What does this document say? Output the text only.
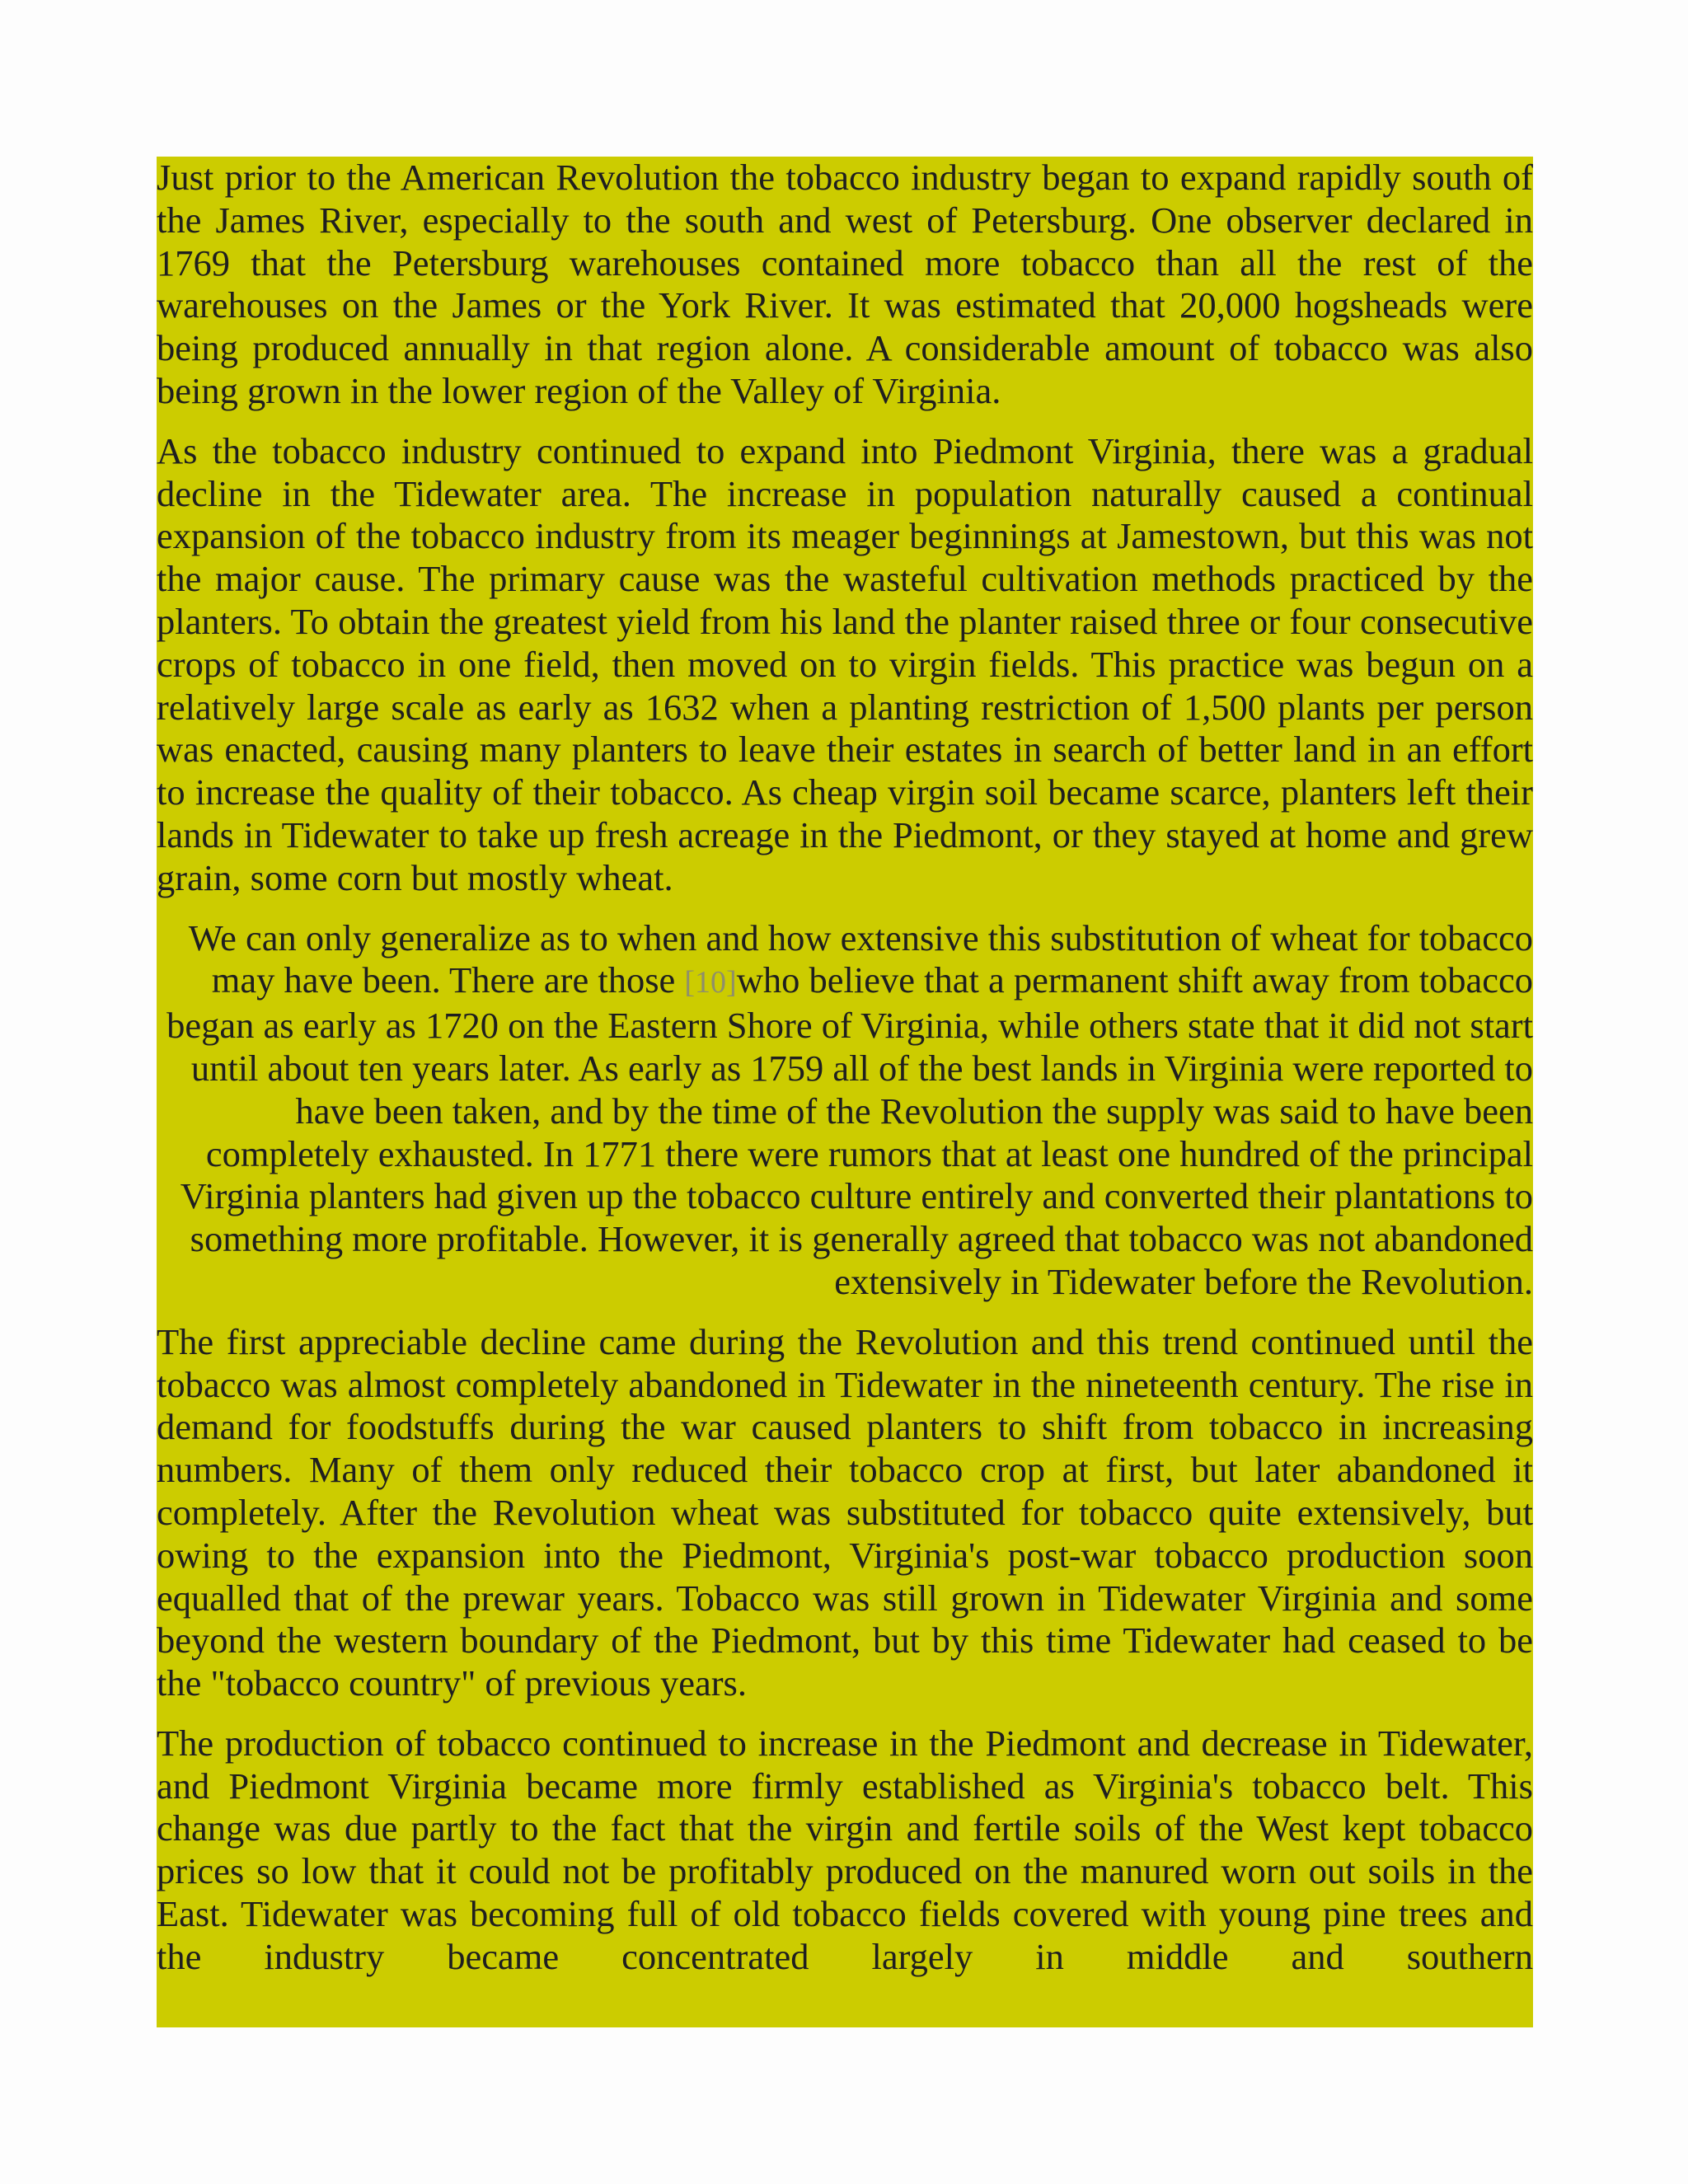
Just prior to the American Revolution the tobacco industry began to expand rapidly south of the James River, especially to the south and west of Petersburg. One observer declared in 1769 that the Petersburg warehouses contained more tobacco than all the rest of the warehouses on the James or the York River. It was estimated that 20,000 hogsheads were being produced annually in that region alone. A considerable amount of tobacco was also being grown in the lower region of the Valley of Virginia.

As the tobacco industry continued to expand into Piedmont Virginia, there was a gradual decline in the Tidewater area. The increase in population naturally caused a continual expansion of the tobacco industry from its meager beginnings at Jamestown, but this was not the major cause. The primary cause was the wasteful cultivation methods practiced by the planters. To obtain the greatest yield from his land the planter raised three or four consecutive crops of tobacco in one field, then moved on to virgin fields. This practice was begun on a relatively large scale as early as 1632 when a planting restriction of 1,500 plants per person was enacted, causing many planters to leave their estates in search of better land in an effort to increase the quality of their tobacco. As cheap virgin soil became scarce, planters left their lands in Tidewater to take up fresh acreage in the Piedmont, or they stayed at home and grew grain, some corn but mostly wheat.

We can only generalize as to when and how extensive this substitution of wheat for tobacco may have been. There are those [10]who believe that a permanent shift away from tobacco began as early as 1720 on the Eastern Shore of Virginia, while others state that it did not start until about ten years later. As early as 1759 all of the best lands in Virginia were reported to have been taken, and by the time of the Revolution the supply was said to have been completely exhausted. In 1771 there were rumors that at least one hundred of the principal Virginia planters had given up the tobacco culture entirely and converted their plantations to something more profitable. However, it is generally agreed that tobacco was not abandoned extensively in Tidewater before the Revolution.

The first appreciable decline came during the Revolution and this trend continued until the tobacco was almost completely abandoned in Tidewater in the nineteenth century. The rise in demand for foodstuffs during the war caused planters to shift from tobacco in increasing numbers. Many of them only reduced their tobacco crop at first, but later abandoned it completely. After the Revolution wheat was substituted for tobacco quite extensively, but owing to the expansion into the Piedmont, Virginia's post-war tobacco production soon equalled that of the prewar years. Tobacco was still grown in Tidewater Virginia and some beyond the western boundary of the Piedmont, but by this time Tidewater had ceased to be the "tobacco country" of previous years.

The production of tobacco continued to increase in the Piedmont and decrease in Tidewater, and Piedmont Virginia became more firmly established as Virginia's tobacco belt. This change was due partly to the fact that the virgin and fertile soils of the West kept tobacco prices so low that it could not be profitably produced on the manured worn out soils in the East. Tidewater was becoming full of old tobacco fields covered with young pine trees and the industry became concentrated largely in middle and southern
